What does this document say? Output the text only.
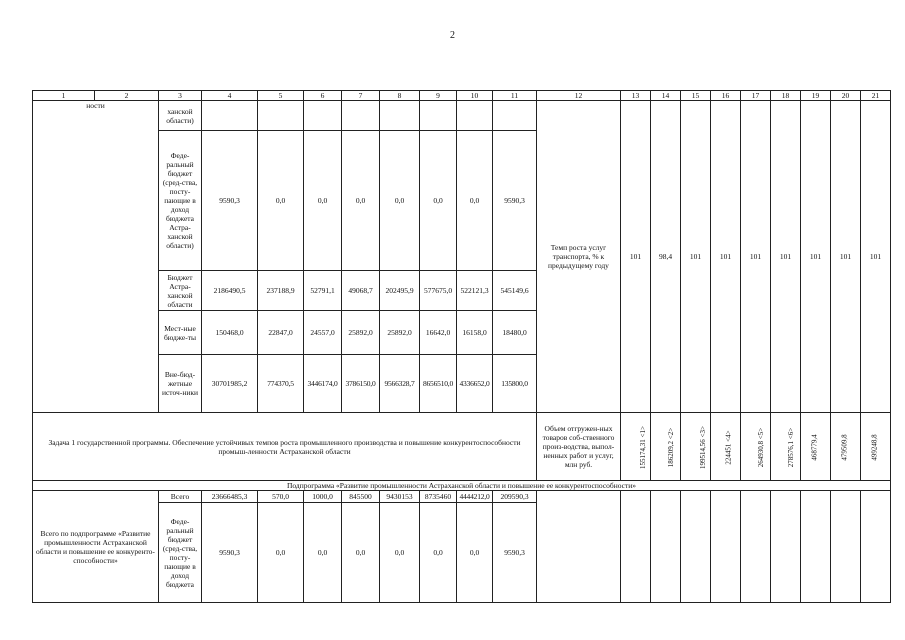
2
1	2	3	4	5	6	7	8	9	10	11	12	13	14	15	16	17	18	19	20	21
ности		ханской области)									Темп роста услуг транспорта, % к предыдущему году	101	98,4	101	101	101	101	101	101	101
		Феде-ральный бюджет (сред-ства, посту-пающие в доход бюджета Астра-ханской области)	9590,3	0,0	0,0	0,0	0,0	0,0	0,0	9590,3										
		Бюджет Астра-ханской области	2186490,5	237188,9	52791,1	49068,7	202495,9	577675,0	522121,3	545149,6										
		Мест-ные бюдже-ты	150468,0	22847,0	24557,0	25892,0	25892,0	16642,0	16158,0	18480,0										
		Вне-бюд-жетные источ-ники	30701985,2	774370,5	3446174,0	3786150,0	9566328,7	8656510,0	4336652,0	135800,0										
Задача 1 государственной программы. Обеспечение устойчивых темпов роста промышленного производства и повышение конкурентоспособности промыш-ленности Астраханской области											Объем отгружен-ных товаров соб-ственного произ-водства, выпол-ненных работ и услуг, млн руб.	155174,31 <1>	186209,2 <2>	199514,56 <3>	224451 <4>	264930,8 <5>	278576,1 <6>	468779,4	479509,8	499248,8
Подпрограмма «Развитие промышленности Астраханской области и повышение ее конкурентоспособности»																				
Всего по подпрограмме «Развитие промышленности Астраханской области и повышение ее конкуренто-способности»		Всего	23666485,3	570,0	1000,0	845500	9430153	8735460	4444212,0	209590,3										
		Феде-ральный бюджет (сред-ства, посту-пающие в доход бюджета	9590,3	0,0	0,0	0,0	0,0	0,0	0,0	9590,3										
